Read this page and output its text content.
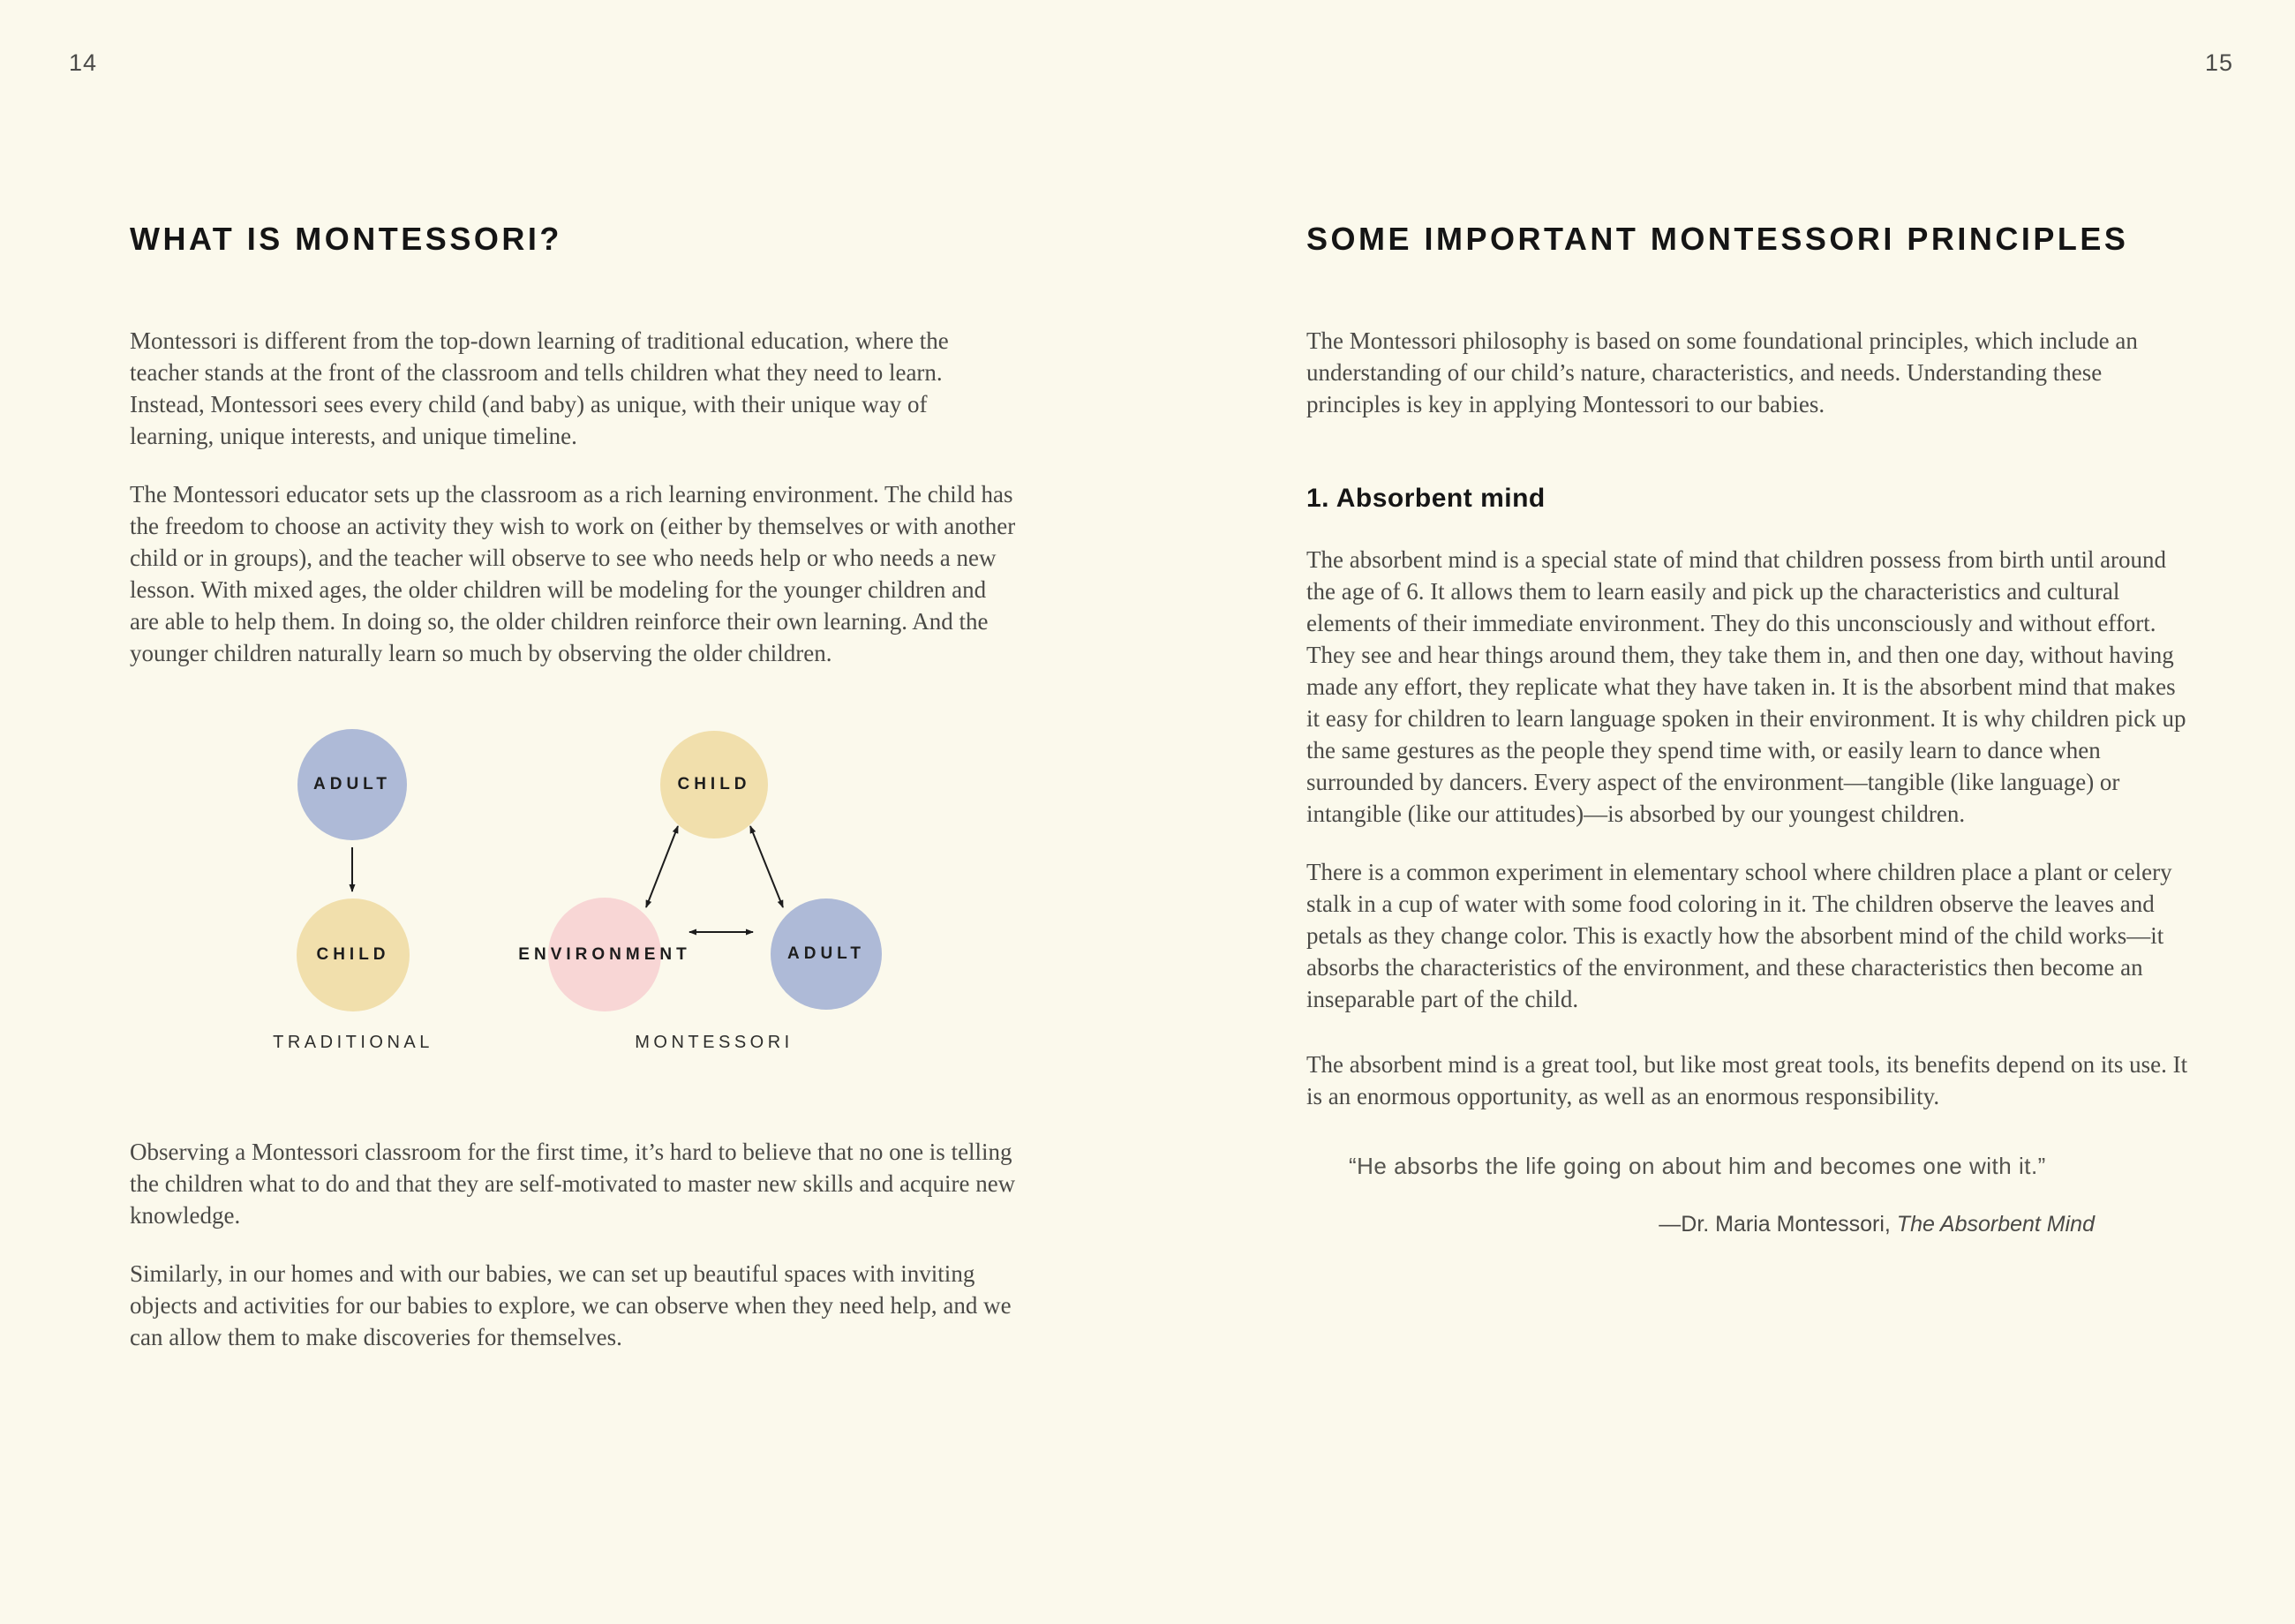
14
WHAT IS MONTESSORI?

Montessori is different from the top-down learning of traditional education, where the teacher stands at the front of the classroom and tells children what they need to learn. Instead, Montessori sees every child (and baby) as unique, with their unique way of learning, unique interests, and unique timeline.

The Montessori educator sets up the classroom as a rich learning environment. The child has the freedom to choose an activity they wish to work on (either by themselves or with another child or in groups), and the teacher will observe to see who needs help or who needs a new lesson. With mixed ages, the older children will be modeling for the younger children and are able to help them. In doing so, the older children reinforce their own learning. And the younger children naturally learn so much by observing the older children.

ADULT
CHILD
CHILD
ENVIRONMENT	ADULT
TRADITIONAL	MONTESSORI

Observing a Montessori classroom for the first time, it’s hard to believe that no one is telling the children what to do and that they are self-motivated to master new skills and acquire new knowledge.

Similarly, in our homes and with our babies, we can set up beautiful spaces with inviting objects and activities for our babies to explore, we can observe when they need help, and we can allow them to make discoveries for themselves.

15
SOME IMPORTANT MONTESSORI PRINCIPLES

The Montessori philosophy is based on some foundational principles, which include an understanding of our child’s nature, characteristics, and needs. Understanding these principles is key in applying Montessori to our babies.

1. Absorbent mind

The absorbent mind is a special state of mind that children possess from birth until around the age of 6. It allows them to learn easily and pick up the characteristics and cultural elements of their immediate environment. They do this unconsciously and without effort. They see and hear things around them, they take them in, and then one day, without having made any effort, they replicate what they have taken in. It is the absorbent mind that makes it easy for children to learn language spoken in their environment. It is why children pick up the same gestures as the people they spend time with, or easily learn to dance when surrounded by dancers. Every aspect of the environment—tangible (like language) or intangible (like our attitudes)—is absorbed by our youngest children.

There is a common experiment in elementary school where children place a plant or celery stalk in a cup of water with some food coloring in it. The children observe the leaves and petals as they change color. This is exactly how the absorbent mind of the child works—it absorbs the characteristics of the environment, and these characteristics then become an inseparable part of the child.

The absorbent mind is a great tool, but like most great tools, its benefits depend on its use. It is an enormous opportunity, as well as an enormous responsibility.

“He absorbs the life going on about him and becomes one with it.”
—Dr. Maria Montessori, The Absorbent Mind
